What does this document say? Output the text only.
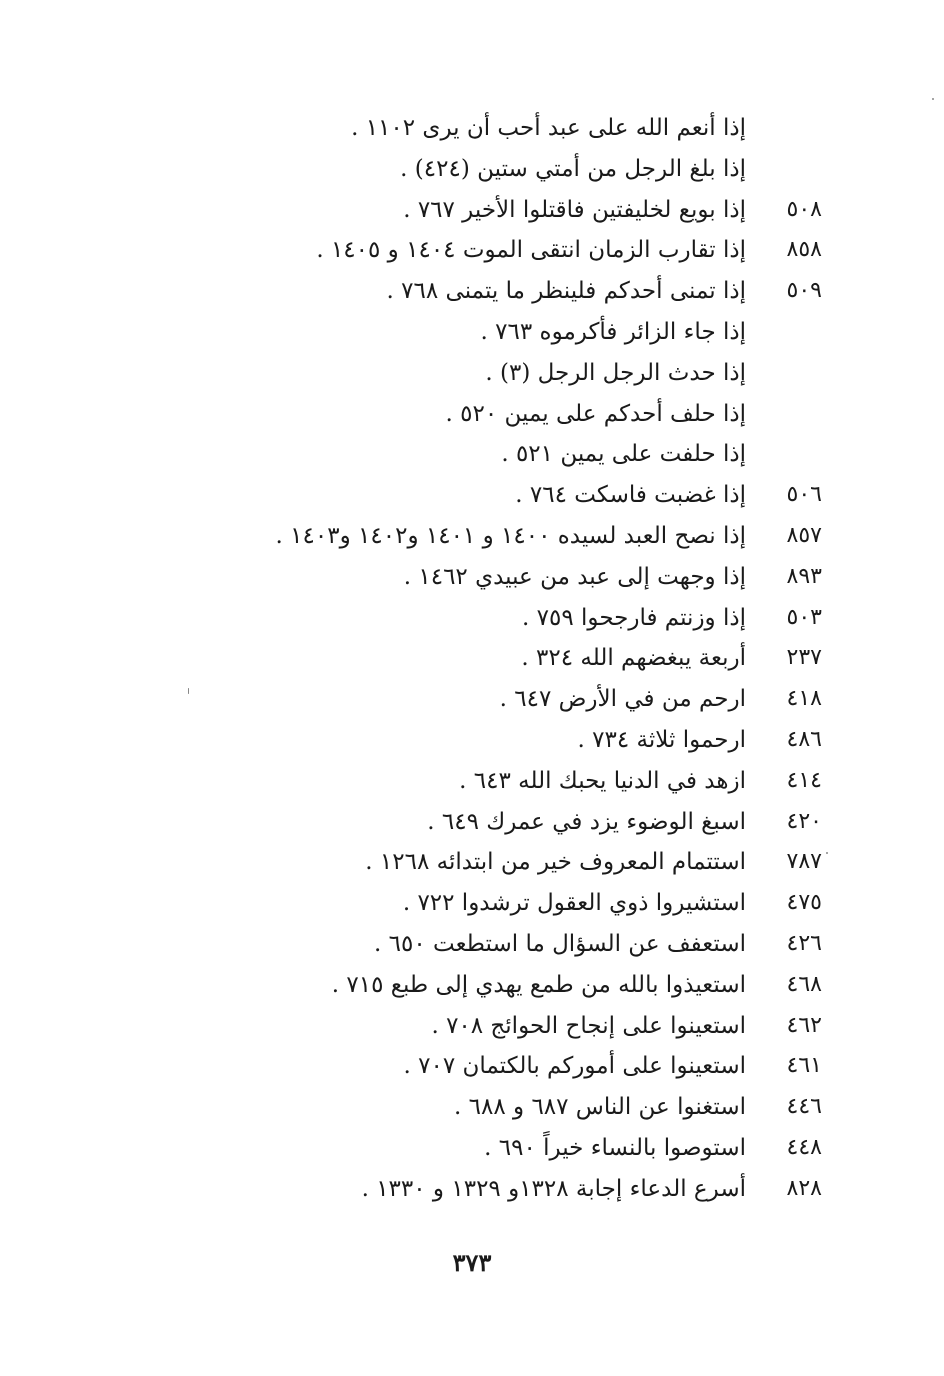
إذا أنعم الله على عبد أحب أن يرى ١١٠٢ .
إذا بلغ الرجل من أمتي ستين (٤٢٤) .
٥٠٨
إذا بويع لخليفتين فاقتلوا الأخير ٧٦٧ .
٨٥٨
إذا تقارب الزمان انتقى الموت ١٤٠٤ و ١٤٠٥ .
٥٠٩
إذا تمنى أحدكم فلينظر ما يتمنى ٧٦٨ .
إذا جاء الزائر فأكرموه ٧٦٣ .
إذا حدث الرجل الرجل (٣) .
إذا حلف أحدكم على يمين ٥٢٠ .
إذا حلفت على يمين ٥٢١ .
٥٠٦
إذا غضبت فاسكت ٧٦٤ .
٨٥٧
إذا نصح العبد لسيده ١٤٠٠ و ١٤٠١ و١٤٠٢ و١٤٠٣ .
٨٩٣
إذا وجهت إلى عبد من عبيدي ١٤٦٢ .
٥٠٣
إذا وزنتم فارجحوا ٧٥٩ .
٢٣٧
أربعة يبغضهم الله ٣٢٤ .
٤١٨
ارحم من في الأرض ٦٤٧ .
٤٨٦
ارحموا ثلاثة ٧٣٤ .
٤١٤
ازهد في الدنيا يحبك الله ٦٤٣ .
٤٢٠
اسبغ الوضوء يزد في عمرك ٦٤٩ .
٧٨٧
استتمام المعروف خير من ابتدائه ١٢٦٨ .
٤٧٥
استشيروا ذوي العقول ترشدوا ٧٢٢ .
٤٢٦
استعفف عن السؤال ما استطعت ٦٥٠ .
٤٦٨
استعيذوا بالله من طمع يهدي إلى طبع ٧١٥ .
٤٦٢
استعينوا على إنجاح الحوائج ٧٠٨ .
٤٦١
استعينوا على أموركم بالكتمان ٧٠٧ .
٤٤٦
استغنوا عن الناس ٦٨٧ و ٦٨٨ .
٤٤٨
استوصوا بالنساء خيراً ٦٩٠ .
٨٢٨
أسرع الدعاء إجابة ١٣٢٨و ١٣٢٩ و ١٣٣٠ .
٣٧٣
